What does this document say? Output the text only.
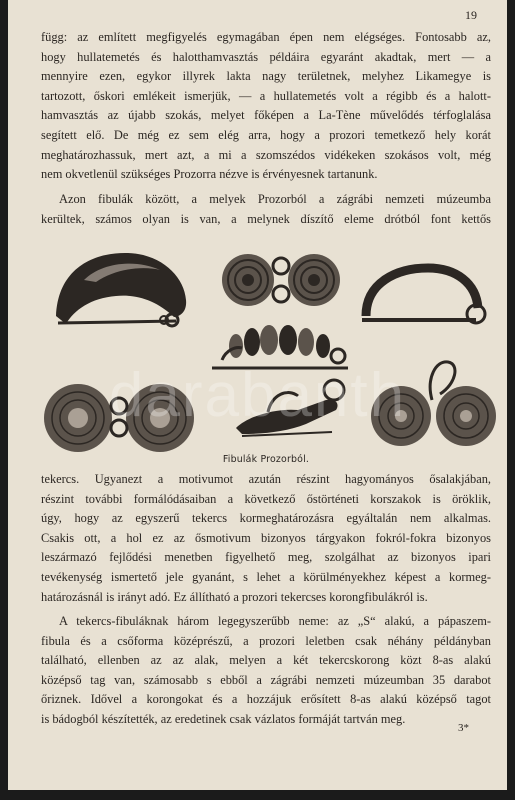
19

függ: az említett megfigyelés egymagában épen nem elégséges. Fontosabb az,
hogy hullatemetés és halotthamvasztás példáira egyaránt akadtak, mert — a
mennyire ezen, egykor illyrek lakta nagy területnek, melyhez Likamegye is
tartozott, őskori emlékeit ismerjük, — a hullatemetés volt a régibb és a halott-
hamvasztás az újabb szokás, melyet főképen a La-Tène művelődés térfoglalása
segített elő. De még ez sem elég arra, hogy a prozori temetkező hely korát
meghatározhassuk, mert azt, a mi a szomszédos vidékeken szokásos volt, még
nem okvetlenül szükséges Prozorra nézve is érvényesnek tartanunk.

Azon fibulák között, a melyek Prozorból a zágrábi nemzeti múzeumba
kerültek, számos olyan is van, a melynek díszítő eleme drótból font kettős

Fibulák Prozorból.

tekercs. Ugyanezt a motivumot azután részint hagyományos ősalakjában,
részint további formálódásaiban a következő őstörténeti korszakok is öröklik,
úgy, hogy az egyszerű tekercs kormeghatározásra egyáltalán nem alkalmas.
Csakis ott, a hol ez az ősmotivum bizonyos tárgyakon fokról-fokra bizonyos
leszármazó fejlődési menetben figyelhető meg, szolgálhat az bizonyos ipari
tevékenység ismertető jele gyanánt, s lehet a körülményekhez képest a kormeg-
határozásnál is irányt adó. Ez állítható a prozori tekercses korongfibulákról is.

A tekercs-fibuláknak három legegyszerűbb neme: az „S“ alakú, a pápaszem-
fibula és a csőforma középrészű, a prozori leletben csak néhány példányban
található, ellenben az az alak, melyen a két tekercskorong közt 8-as alakú
középső tag van, számosabb s ebből a zágrábi nemzeti múzeumban 35 darabot
őriznek. Idővel a korongokat és a hozzájuk erősített 8-as alakú középső tagot
is bádogból készítették, az eredetinek csak vázlatos formáját tartván meg.

3*
darabanth
